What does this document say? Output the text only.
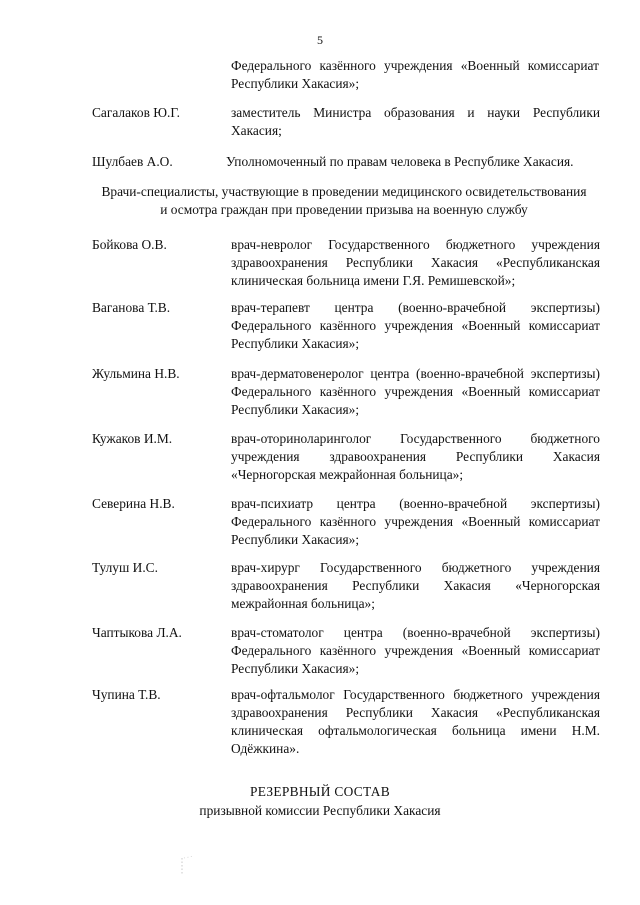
5
Федерального казённого учреждения «Военный комиссариат Республики Хакасия»;
Сагалаков Ю.Г.	заместитель Министра образования и науки Республики Хакасия;
Шулбаев А.О.	Уполномоченный по правам человека в Республике Хакасия.
Врачи-специалисты, участвующие в проведении медицинского освидетельствования
и осмотра граждан при проведении призыва на военную службу
Бойкова О.В.	врач-невролог Государственного бюджетного учреждения здравоохранения Республики Хакасия «Республиканская клиническая больница имени Г.Я. Ремишевской»;
Ваганова Т.В.	врач-терапевт центра (военно-врачебной экспертизы) Федерального казённого учреждения «Военный комиссариат Республики Хакасия»;
Жульмина Н.В.	врач-дерматовенеролог центра (военно-врачебной экспертизы) Федерального казённого учреждения «Военный комиссариат Республики Хакасия»;
Кужаков И.М.	врач-оториноларинголог Государственного бюджетного учреждения здравоохранения Республики Хакасия «Черногорская межрайонная больница»;
Северина Н.В.	врач-психиатр центра (военно-врачебной экспертизы) Федерального казённого учреждения «Военный комиссариат Республики Хакасия»;
Тулуш И.С.	врач-хирург Государственного бюджетного учреждения здравоохранения Республики Хакасия «Черногорская межрайонная больница»;
Чаптыкова Л.А.	врач-стоматолог центра (военно-врачебной экспертизы) Федерального казённого учреждения «Военный комиссариат Республики Хакасия»;
Чупина Т.В.	врач-офтальмолог Государственного бюджетного учреждения здравоохранения Республики Хакасия «Республиканская клиническая офтальмологическая больница имени Н.М. Одёжкина».
РЕЗЕРВНЫЙ СОСТАВ
призывной комиссии Республики Хакасия
